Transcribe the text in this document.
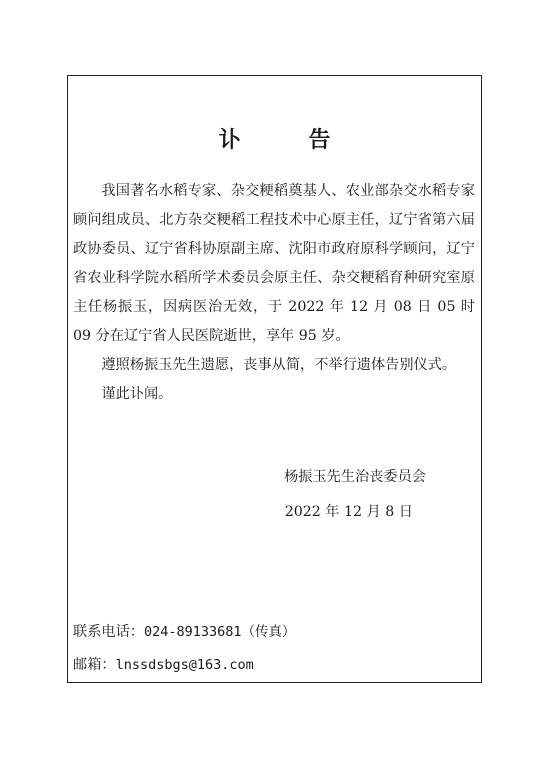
讣 告

我国著名水稻专家、杂交粳稻奠基人、农业部杂交水稻专家顾问组成员、北方杂交粳稻工程技术中心原主任，辽宁省第六届政协委员、辽宁省科协原副主席、沈阳市政府原科学顾问，辽宁省农业科学院水稻所学术委员会原主任、杂交粳稻育种研究室原主任杨振玉，因病医治无效，于 2022 年 12 月 08 日 05 时 09 分在辽宁省人民医院逝世，享年 95 岁。

遵照杨振玉先生遗愿，丧事从简，不举行遗体告别仪式。

谨此讣闻。

杨振玉先生治丧委员会
2022 年 12 月 8 日
联系电话：024-89133681（传真）
邮箱：lnssdsbgs@163.com
